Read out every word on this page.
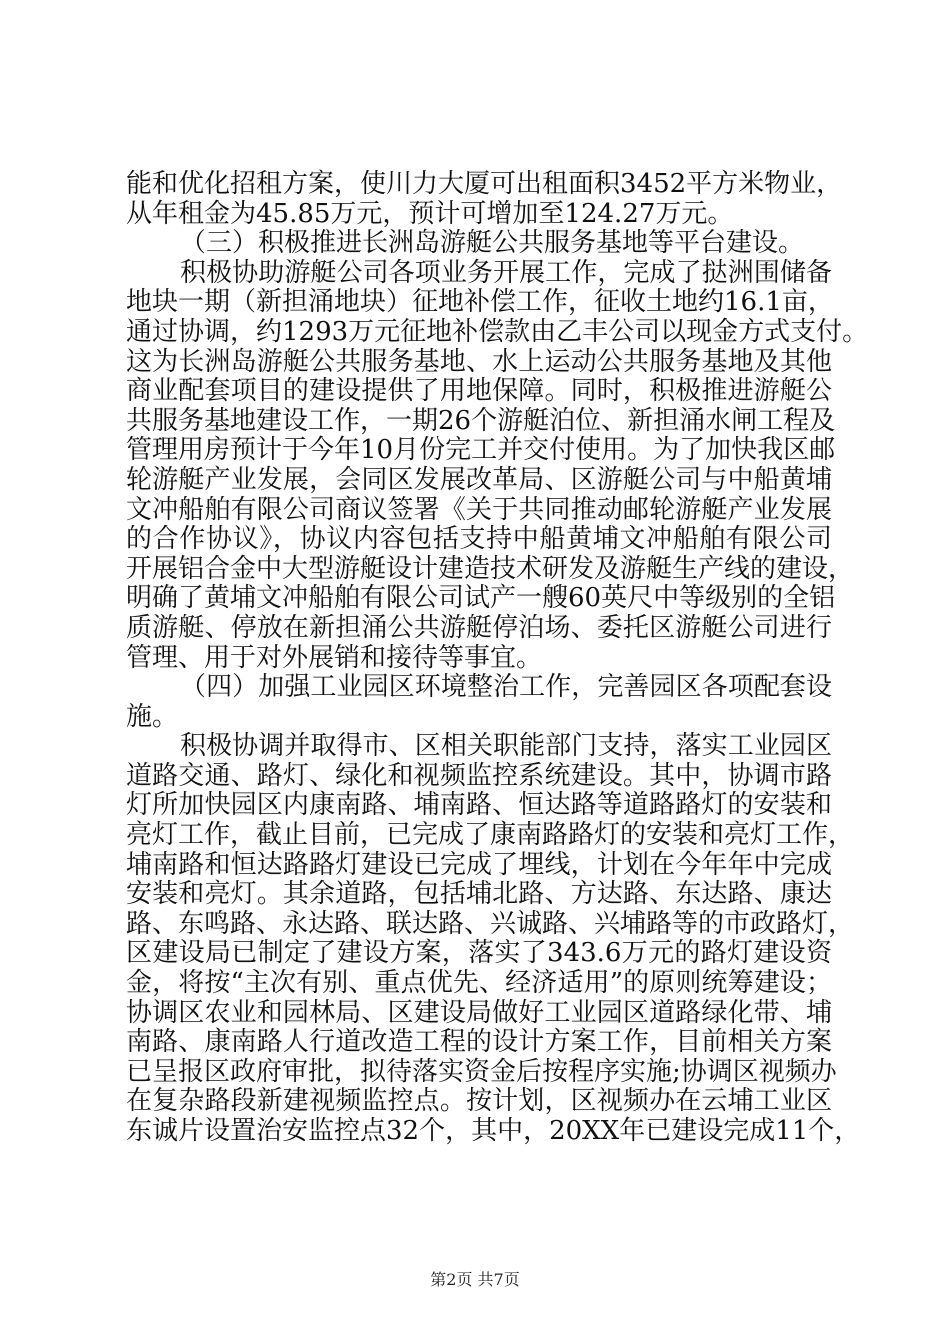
能和优化招租方案，使川力大厦可出租面积3452平方米物业，
从年租金为45.85万元，预计可增加至124.27万元。
（三）积极推进长洲岛游艇公共服务基地等平台建设。
积极协助游艇公司各项业务开展工作，完成了挞洲围储备
地块一期（新担涌地块）征地补偿工作，征收土地约16.1亩，
通过协调，约1293万元征地补偿款由乙丰公司以现金方式支付。
这为长洲岛游艇公共服务基地、水上运动公共服务基地及其他
商业配套项目的建设提供了用地保障。同时，积极推进游艇公
共服务基地建设工作，一期26个游艇泊位、新担涌水闸工程及
管理用房预计于今年10月份完工并交付使用。为了加快我区邮
轮游艇产业发展，会同区发展改革局、区游艇公司与中船黄埔
文冲船舶有限公司商议签署《关于共同推动邮轮游艇产业发展
的合作协议》，协议内容包括支持中船黄埔文冲船舶有限公司
开展铝合金中大型游艇设计建造技术研发及游艇生产线的建设，
明确了黄埔文冲船舶有限公司试产一艘60英尺中等级别的全铝
质游艇、停放在新担涌公共游艇停泊场、委托区游艇公司进行
管理、用于对外展销和接待等事宜。
（四）加强工业园区环境整治工作，完善园区各项配套设
施。
积极协调并取得市、区相关职能部门支持，落实工业园区
道路交通、路灯、绿化和视频监控系统建设。其中，协调市路
灯所加快园区内康南路、埔南路、恒达路等道路路灯的安装和
亮灯工作，截止目前，已完成了康南路路灯的安装和亮灯工作，
埔南路和恒达路路灯建设已完成了埋线，计划在今年年中完成
安装和亮灯。其余道路，包括埔北路、方达路、东达路、康达
路、东鸣路、永达路、联达路、兴诚路、兴埔路等的市政路灯，
区建设局已制定了建设方案，落实了343.6万元的路灯建设资
金，将按“主次有别、重点优先、经济适用”的原则统筹建设；
协调区农业和园林局、区建设局做好工业园区道路绿化带、埔
南路、康南路人行道改造工程的设计方案工作，目前相关方案
已呈报区政府审批，拟待落实资金后按程序实施;协调区视频办
在复杂路段新建视频监控点。按计划，区视频办在云埔工业区
东诚片设置治安监控点32个，其中，20XX年已建设完成11个，
第2页 共7页
